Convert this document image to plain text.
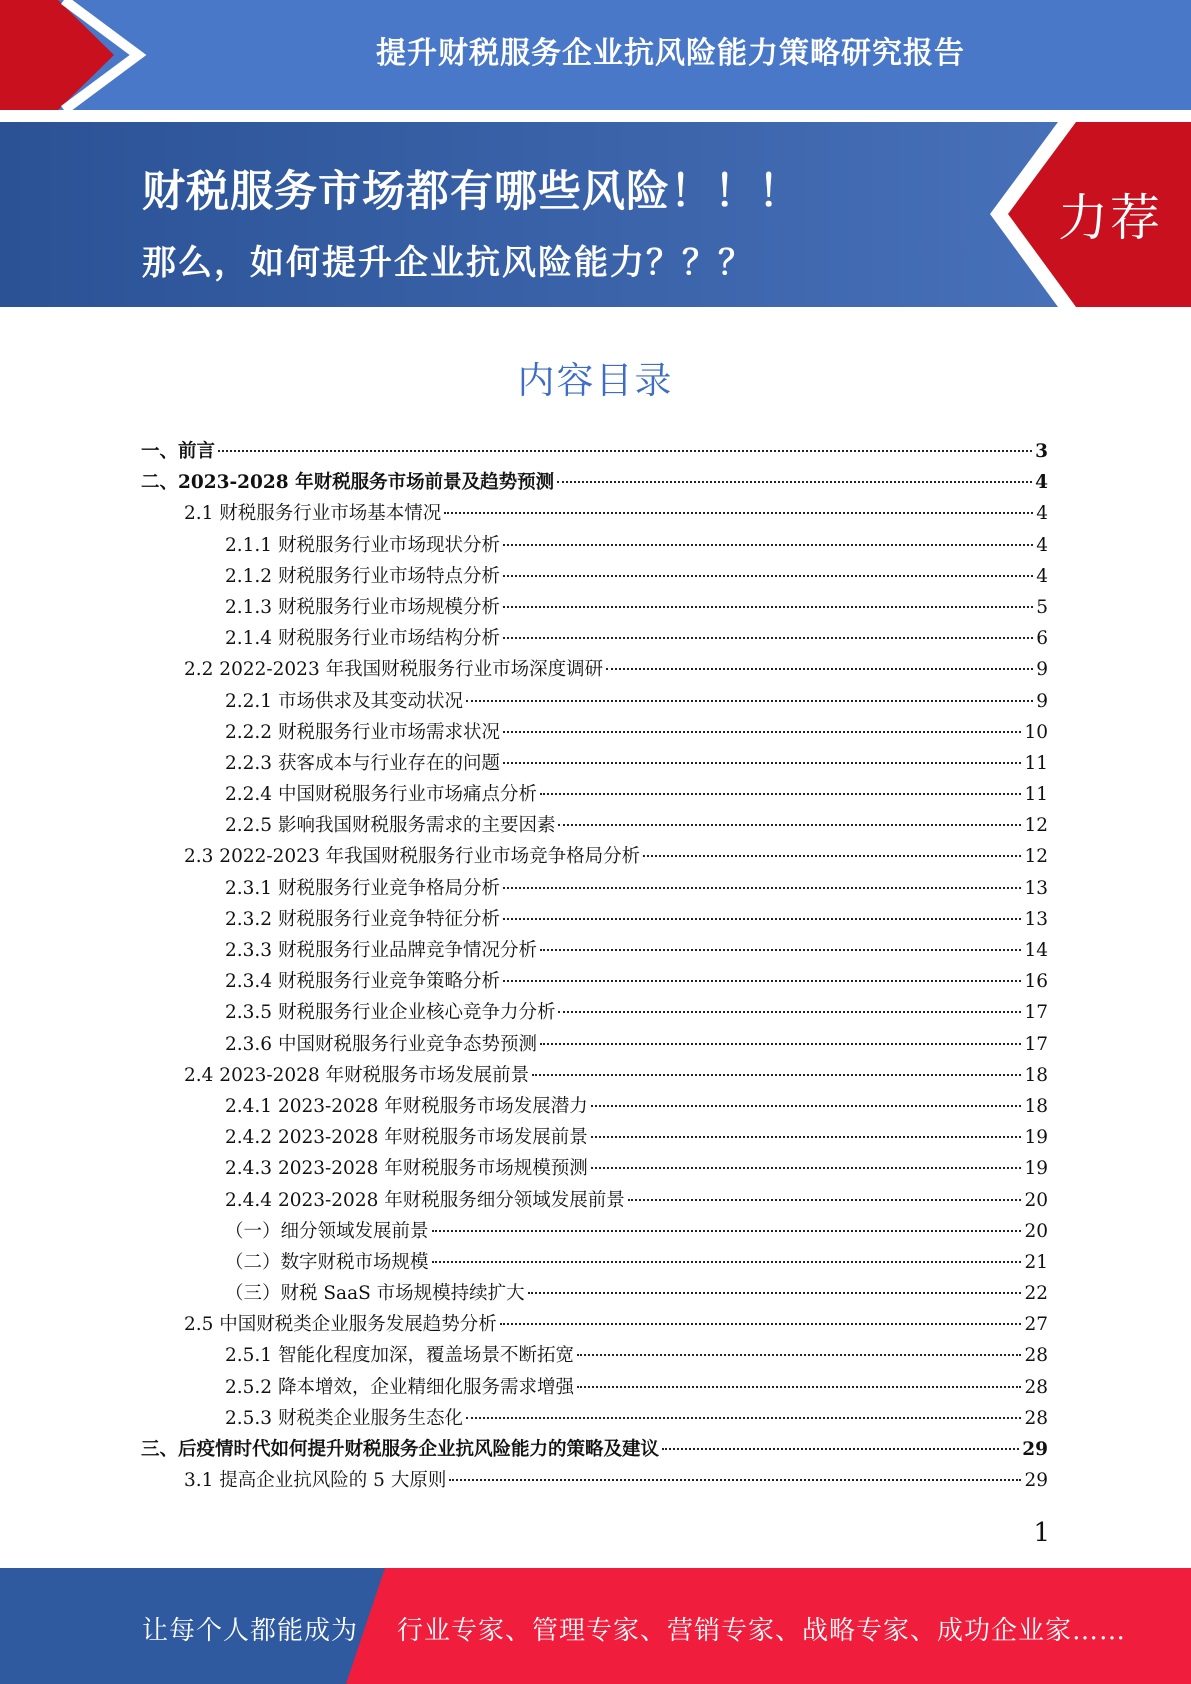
提升财税服务企业抗风险能力策略研究报告
财税服务市场都有哪些风险！！！
那么，如何提升企业抗风险能力？？？
力荐
内容目录
一、前言	3
二、2023-2028 年财税服务市场前景及趋势预测	4
2.1 财税服务行业市场基本情况	4
2.1.1 财税服务行业市场现状分析	4
2.1.2 财税服务行业市场特点分析	4
2.1.3 财税服务行业市场规模分析	5
2.1.4 财税服务行业市场结构分析	6
2.2 2022-2023 年我国财税服务行业市场深度调研	9
2.2.1 市场供求及其变动状况	9
2.2.2 财税服务行业市场需求状况	10
2.2.3 获客成本与行业存在的问题	11
2.2.4 中国财税服务行业市场痛点分析	11
2.2.5 影响我国财税服务需求的主要因素	12
2.3 2022-2023 年我国财税服务行业市场竞争格局分析	12
2.3.1 财税服务行业竞争格局分析	13
2.3.2 财税服务行业竞争特征分析	13
2.3.3 财税服务行业品牌竞争情况分析	14
2.3.4 财税服务行业竞争策略分析	16
2.3.5 财税服务行业企业核心竞争力分析	17
2.3.6 中国财税服务行业竞争态势预测	17
2.4 2023-2028 年财税服务市场发展前景	18
2.4.1 2023-2028 年财税服务市场发展潜力	18
2.4.2 2023-2028 年财税服务市场发展前景	19
2.4.3 2023-2028 年财税服务市场规模预测	19
2.4.4 2023-2028 年财税服务细分领域发展前景	20
（一）细分领域发展前景	20
（二）数字财税市场规模	21
（三）财税 SaaS 市场规模持续扩大	22
2.5 中国财税类企业服务发展趋势分析	27
2.5.1 智能化程度加深，覆盖场景不断拓宽	28
2.5.2 降本增效，企业精细化服务需求增强	28
2.5.3 财税类企业服务生态化	28
三、后疫情时代如何提升财税服务企业抗风险能力的策略及建议	29
3.1 提高企业抗风险的 5 大原则	29
1
让每个人都能成为 行业专家、管理专家、营销专家、战略专家、成功企业家……
